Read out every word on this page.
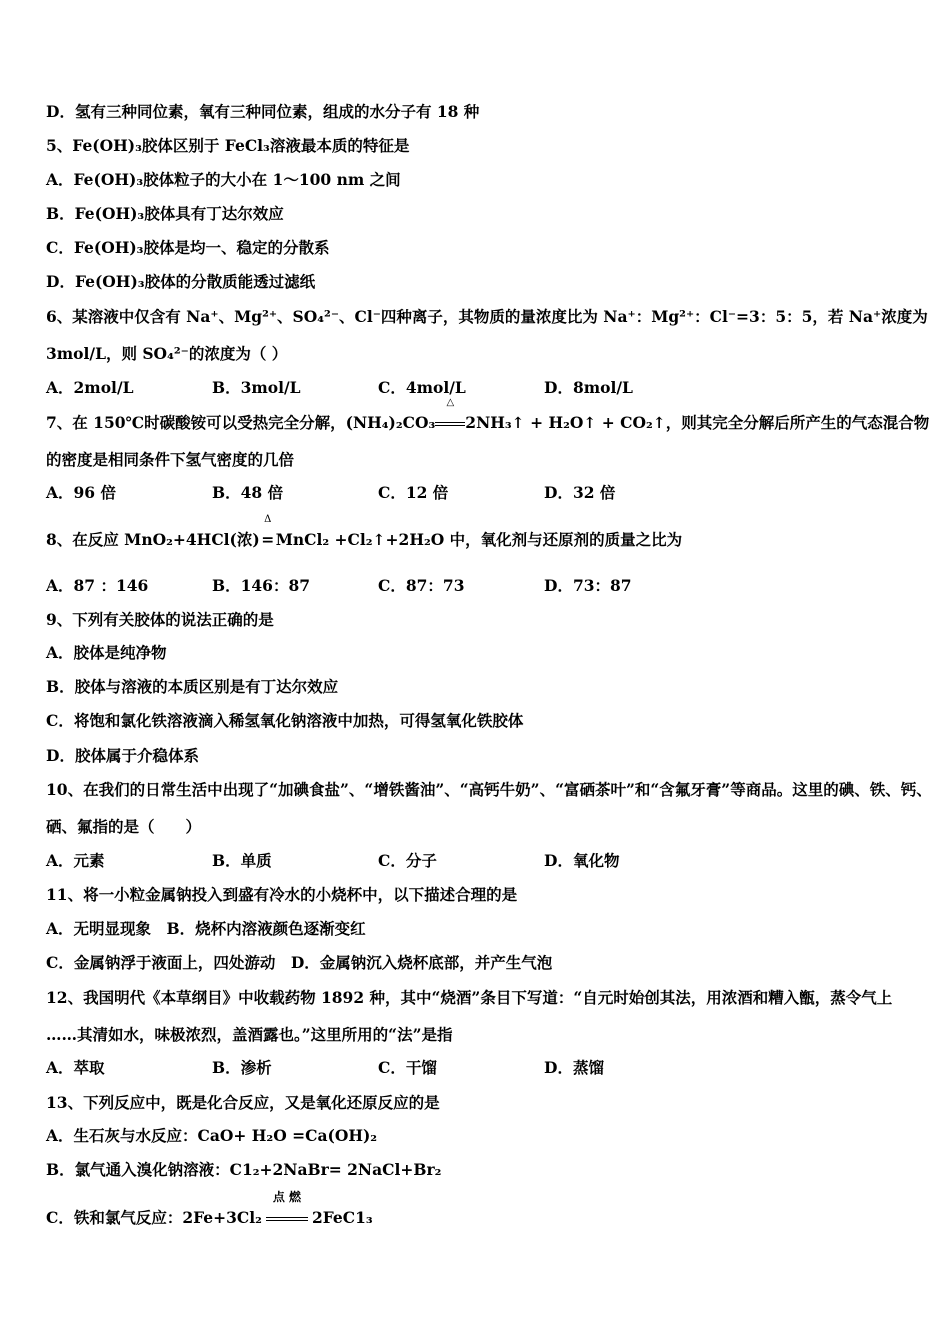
D．氢有三种同位素，氧有三种同位素，组成的水分子有 18 种
5、Fe(OH)₃胶体区别于 FeCl₃溶液最本质的特征是
A．Fe(OH)₃胶体粒子的大小在 1～100 nm 之间
B．Fe(OH)₃胶体具有丁达尔效应
C．Fe(OH)₃胶体是均一、稳定的分散系
D．Fe(OH)₃胶体的分散质能透过滤纸
6、某溶液中仅含有 Na⁺、Mg²⁺、SO₄²⁻、Cl⁻四种离子，其物质的量浓度比为 Na⁺：Mg²⁺：Cl⁻=3：5：5，若 Na⁺浓度为
3mol/L，则 SO₄²⁻的浓度为（ ）
A．2mol/L	B．3mol/L	C．4mol/L	D．8mol/L
7、在 150℃时碳酸铵可以受热完全分解，(NH₄)₂CO₃
△
2NH₃↑ + H₂O↑ + CO₂↑，则其完全分解后所产生的气态混合物
的密度是相同条件下氢气密度的几倍
A．96 倍	B．48 倍	C．12 倍	D．32 倍
8、在反应 MnO₂+4HCl(浓)
Δ
=MnCl₂ +Cl₂↑+2H₂O 中，氧化剂与还原剂的质量之比为
A．87 ：146	B．146：87	C．87：73	D．73：87
9、下列有关胶体的说法正确的是
A．胶体是纯净物
B．胶体与溶液的本质区别是有丁达尔效应
C．将饱和氯化铁溶液滴入稀氢氧化钠溶液中加热，可得氢氧化铁胶体
D．胶体属于介稳体系
10、在我们的日常生活中出现了“加碘食盐”、“增铁酱油”、“高钙牛奶”、“富硒茶叶”和“含氟牙膏”等商品。这里的碘、铁、钙、
硒、氟指的是（　　）
A．元素	B．单质	C．分子	D．氧化物
11、将一小粒金属钠投入到盛有冷水的小烧杯中，以下描述合理的是
A．无明显现象　B．烧杯内溶液颜色逐渐变红
C．金属钠浮于液面上，四处游动　D．金属钠沉入烧杯底部，并产生气泡
12、我国明代《本草纲目》中收载药物 1892 种，其中“烧酒”条目下写道：“自元时始创其法，用浓酒和糟入甑，蒸令气上
……其清如水，味极浓烈，盖酒露也。”这里所用的“法”是指
A．萃取	B．渗析	C．干馏	D．蒸馏
13、下列反应中，既是化合反应，又是氧化还原反应的是
A．生石灰与水反应：CaO+ H₂O =Ca(OH)₂
B．氯气通入溴化钠溶液：C1₂+2NaBr= 2NaCl+Br₂
C．铁和氯气反应：2Fe+3Cl₂
点 燃
2FeC1₃
